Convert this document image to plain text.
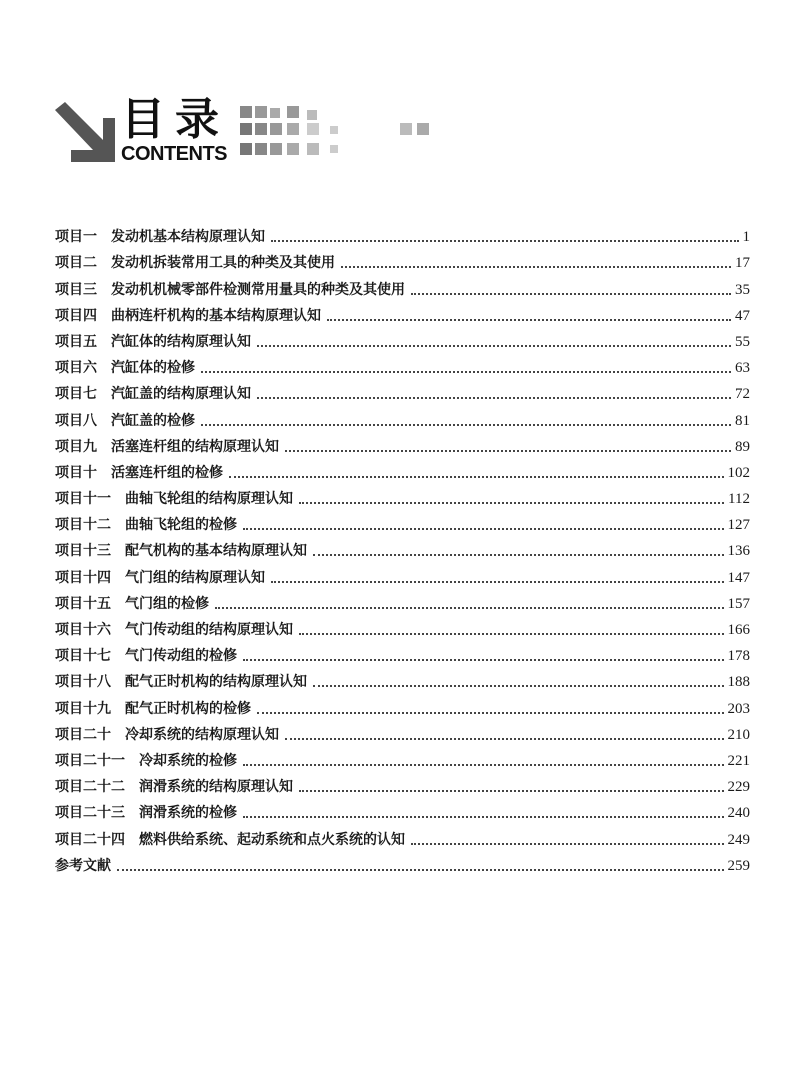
目录
CONTENTS
项目一 发动机基本结构原理认知	1
项目二 发动机拆装常用工具的种类及其使用	17
项目三 发动机机械零部件检测常用量具的种类及其使用	35
项目四 曲柄连杆机构的基本结构原理认知	47
项目五 汽缸体的结构原理认知	55
项目六 汽缸体的检修	63
项目七 汽缸盖的结构原理认知	72
项目八 汽缸盖的检修	81
项目九 活塞连杆组的结构原理认知	89
项目十 活塞连杆组的检修	102
项目十一 曲轴飞轮组的结构原理认知	112
项目十二 曲轴飞轮组的检修	127
项目十三 配气机构的基本结构原理认知	136
项目十四 气门组的结构原理认知	147
项目十五 气门组的检修	157
项目十六 气门传动组的结构原理认知	166
项目十七 气门传动组的检修	178
项目十八 配气正时机构的结构原理认知	188
项目十九 配气正时机构的检修	203
项目二十 冷却系统的结构原理认知	210
项目二十一 冷却系统的检修	221
项目二十二 润滑系统的结构原理认知	229
项目二十三 润滑系统的检修	240
项目二十四 燃料供给系统、起动系统和点火系统的认知	249
参考文献	259
